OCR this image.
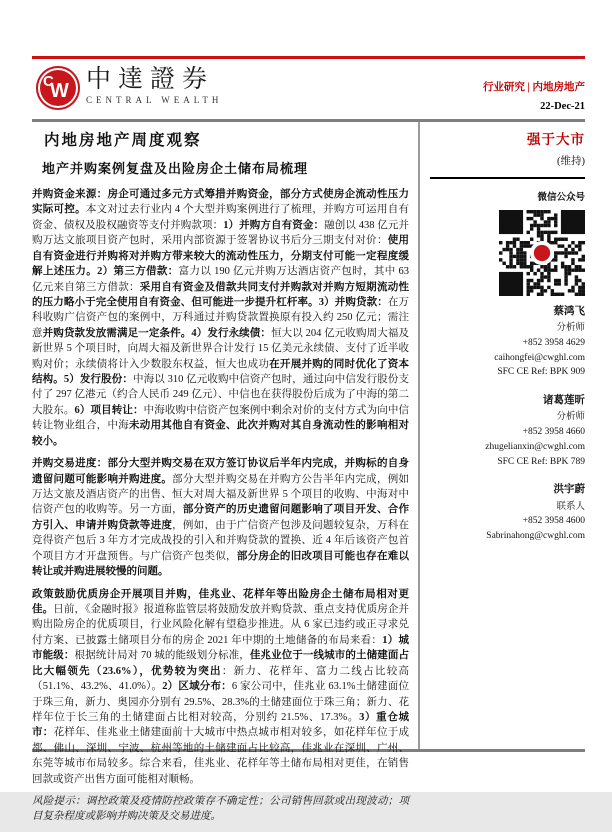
C
W 中達證券
CENTRAL WEALTH
行业研究 | 内地房地产
22-Dec-21
内地房地产周度观察
地产并购案例复盘及出险房企土储布局梳理

并购资金来源：房企可通过多元方式筹措并购资金，部分方式使房企流动性压力实际可控。本文对过去行业内 4 个大型并购案例进行了梳理，并购方可运用自有资金、债权及股权融资等支付并购款项：1）并购方自有资金：融创以 438 亿元并购万达文旅项目资产包时，采用内部资源于签署协议书后分三期支付对价：使用自有资金进行并购将对并购方带来较大的流动性压力，分期支付可能一定程度缓解上述压力。2）第三方借款：富力以 190 亿元并购万达酒店资产包时，其中 63 亿元来自第三方借款：采用自有资金及借款共同支付并购款对并购方短期流动性的压力略小于完全使用自有资金、但可能进一步提升杠杆率。3）并购贷款：在万科收购广信资产包的案例中，万科通过并购贷款置换原有投入约 250 亿元；需注意并购贷款发放需满足一定条件。4）发行永续债：恒大以 204 亿元收购周大福及新世界 5 个项目时，向周大福及新世界合计发行 15 亿美元永续债、支付了近半收购对价；永续债将计入少数股东权益，恒大也成功在开展并购的同时优化了资本结构。5）发行股份：中海以 310 亿元收购中信资产包时，通过向中信发行股份支付了 297 亿港元（约合人民币 249 亿元）、中信也在获得股份后成为了中海的第二大股东。6）项目转让：中海收购中信资产包案例中剩余对价的支付方式为向中信转让物业组合，中海未动用其他自有资金、此次并购对其自身流动性的影响相对较小。

并购交易进度：部分大型并购交易在双方签订协议后半年内完成，并购标的自身遗留问题可能影响并购进度。部分大型并购交易在并购方公告半年内完成，例如万达文旅及酒店资产的出售、恒大对周大福及新世界 5 个项目的收购、中海对中信资产包的收购等。另一方面，部分资产的历史遗留问题影响了项目开发、合作方引入、申请并购贷款等进度，例如，由于广信资产包涉及问题较复杂，万科在竞得资产包后 3 年方才完成战投的引入和并购贷款的置换、近 4 年后该资产包首个项目方才开盘预售。与广信资产包类似，部分房企的旧改项目可能也存在难以转让或并购进展较慢的问题。

政策鼓励优质房企开展项目并购，佳兆业、花样年等出险房企土储布局相对更佳。日前，《金融时报》报道称监管层将鼓励发放并购贷款、重点支持优质房企并购出险房企的优质项目，行业风险化解有望稳步推进。从 6 家已违约或正寻求兑付方案、已披露土储项目分布的房企 2021 年中期的土地储备的布局来看：1）城市能级：根据统计局对 70 城的能级划分标准，佳兆业位于一线城市的土储建面占比大幅领先（23.6%），优势较为突出：新力、花样年、富力二线占比较高（51.1%、43.2%、41.0%）。2）区域分布：6 家公司中，佳兆业 63.1%土储建面位于珠三角，新力、奥园亦分别有 29.5%、28.3%的土储建面位于珠三角；新力、花样年位于长三角的土储建面占比相对较高，分别约 21.5%、17.3%。3）重仓城市：花样年、佳兆业土储建面前十大城市中热点城市相对较多，如花样年位于成都、佛山、深圳、宁波、杭州等地的土储建面占比较高，佳兆业在深圳、广州、东莞等城市布局较多。综合来看，佳兆业、花样年等土储布局相对更佳，在销售回款或资产出售方面可能相对顺畅。

风险提示：调控政策及疫情防控政策存不确定性；公司销售回款或出现波动；项目复杂程度或影响并购决策及交易进度。

强于大市
(维持)
微信公众号
蔡鸿飞
分析师
+852 3958 4629
caihongfei@cwghl.com
SFC CE Ref: BPK 909
诸葛莲昕
分析师
+852 3958 4660
zhugelianxin@cwghl.com
SFC CE Ref: BPK 789
洪宇蔚
联系人
+852 3958 4600
Sabrinahong@cwghl.com
